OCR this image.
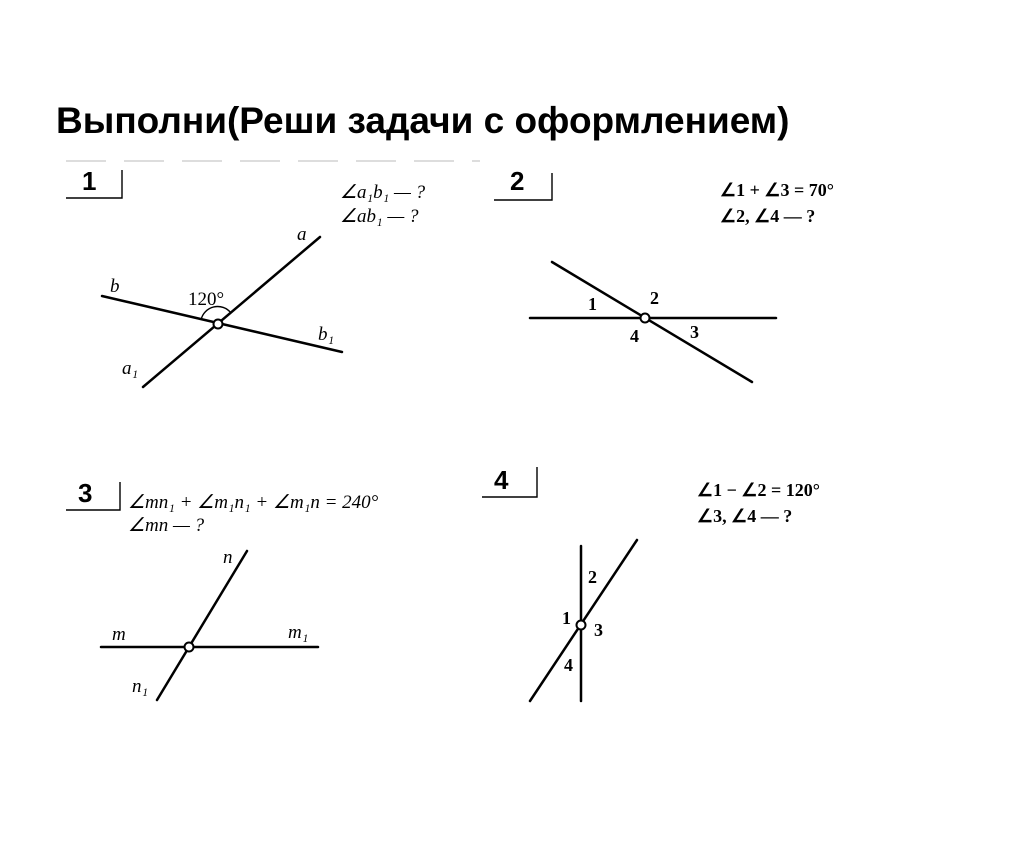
Выполни(Реши задачи с оформлением)
1	∠a₁b₁ — ?
∠ab₁ — ?
a
b
b₁
a₁
120°
2	∠1 + ∠3 = 70°
∠2, ∠4 — ?
1	2
3
4
3 ∠mn₁ + ∠m₁n₁ + ∠m₁n = 240°
∠mn — ?
n
m	m₁
n₁
4	∠1 − ∠2 = 120°
∠3, ∠4 — ?
1
2
3
4
